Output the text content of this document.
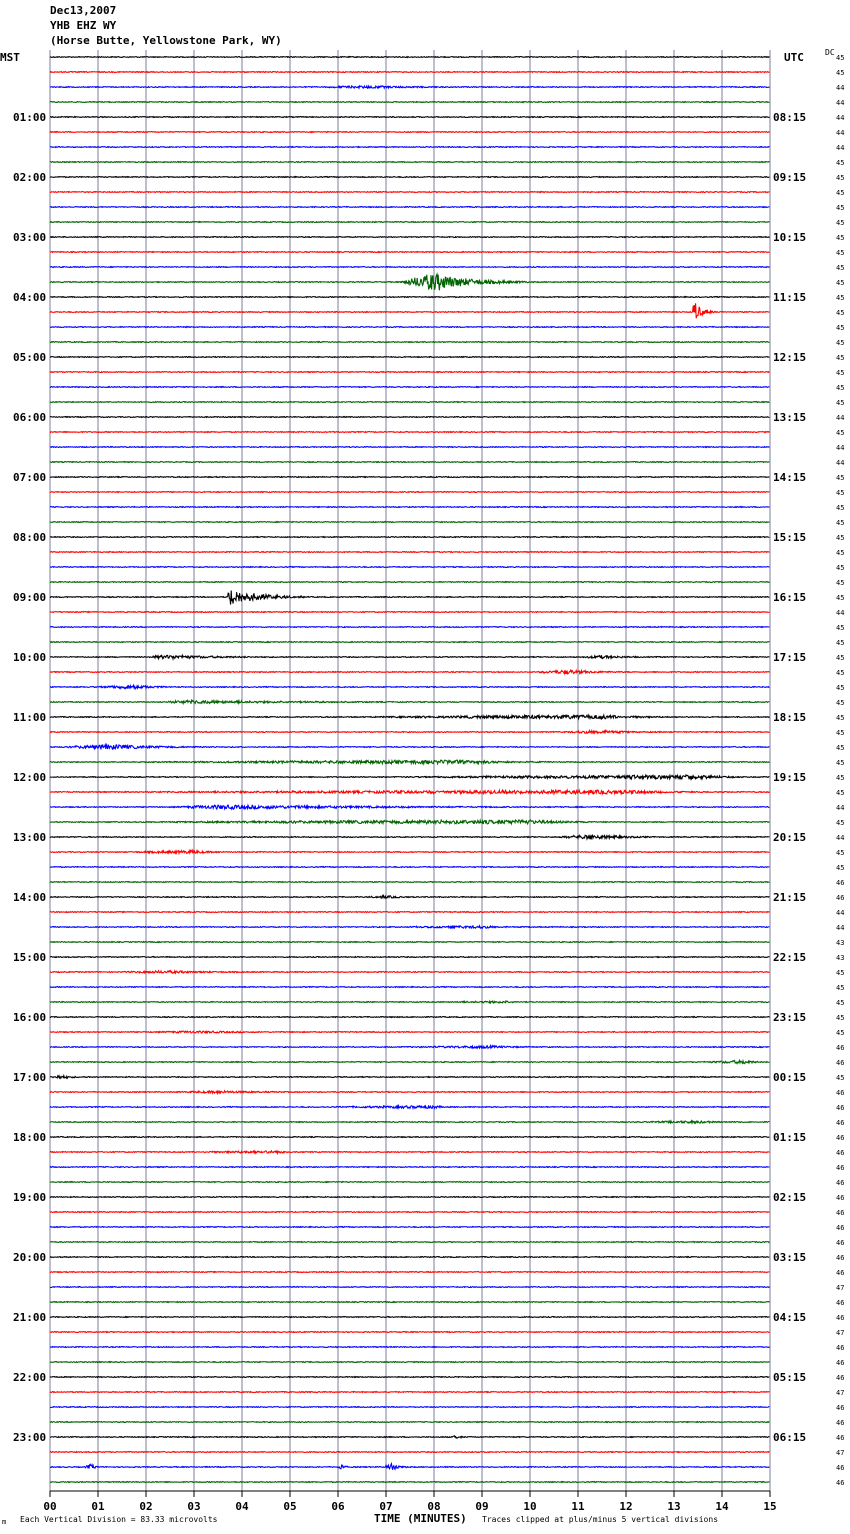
Dec13,2007
YHB EHZ WY
(Horse Butte, Yellowstone Park, WY)
MST	UTC	DC
45
45
44
44
44
44
44
45
45
45
45
45
45
45
45
45
45
45
45
45
45
45
45
45
44
45
44
44
45
45
45
45
45
45
45
45
45
44
45
45
45
45
45
45
45
45
45
45
45
45
44
45
44
45
45
46
46
44
44
43
43
45
45
45
45
45
46
46
45
46
46
46
46
46
46
46
46
46
46
46
46
46
47
46
46
47
46
46
46
47
46
46
46
47
46
46
01:00	08:15
02:00	09:15
03:00	10:15
04:00	11:15
05:00	12:15
06:00	13:15
07:00	14:15
08:00	15:15
09:00	16:15
10:00	17:15
11:00	18:15
12:00	19:15
13:00	20:15
14:00	21:15
15:00	22:15
16:00	23:15
17:00	00:15
18:00	01:15
19:00	02:15
20:00	03:15
21:00	04:15
22:00	05:15
23:00	06:15
00	01	02	03	04	05	06	07	08	09	10	11	12	13	14	15
TIME (MINUTES)
Each Vertical Division = 83.33 microvolts	Traces clipped at plus/minus 5 vertical divisions
m
